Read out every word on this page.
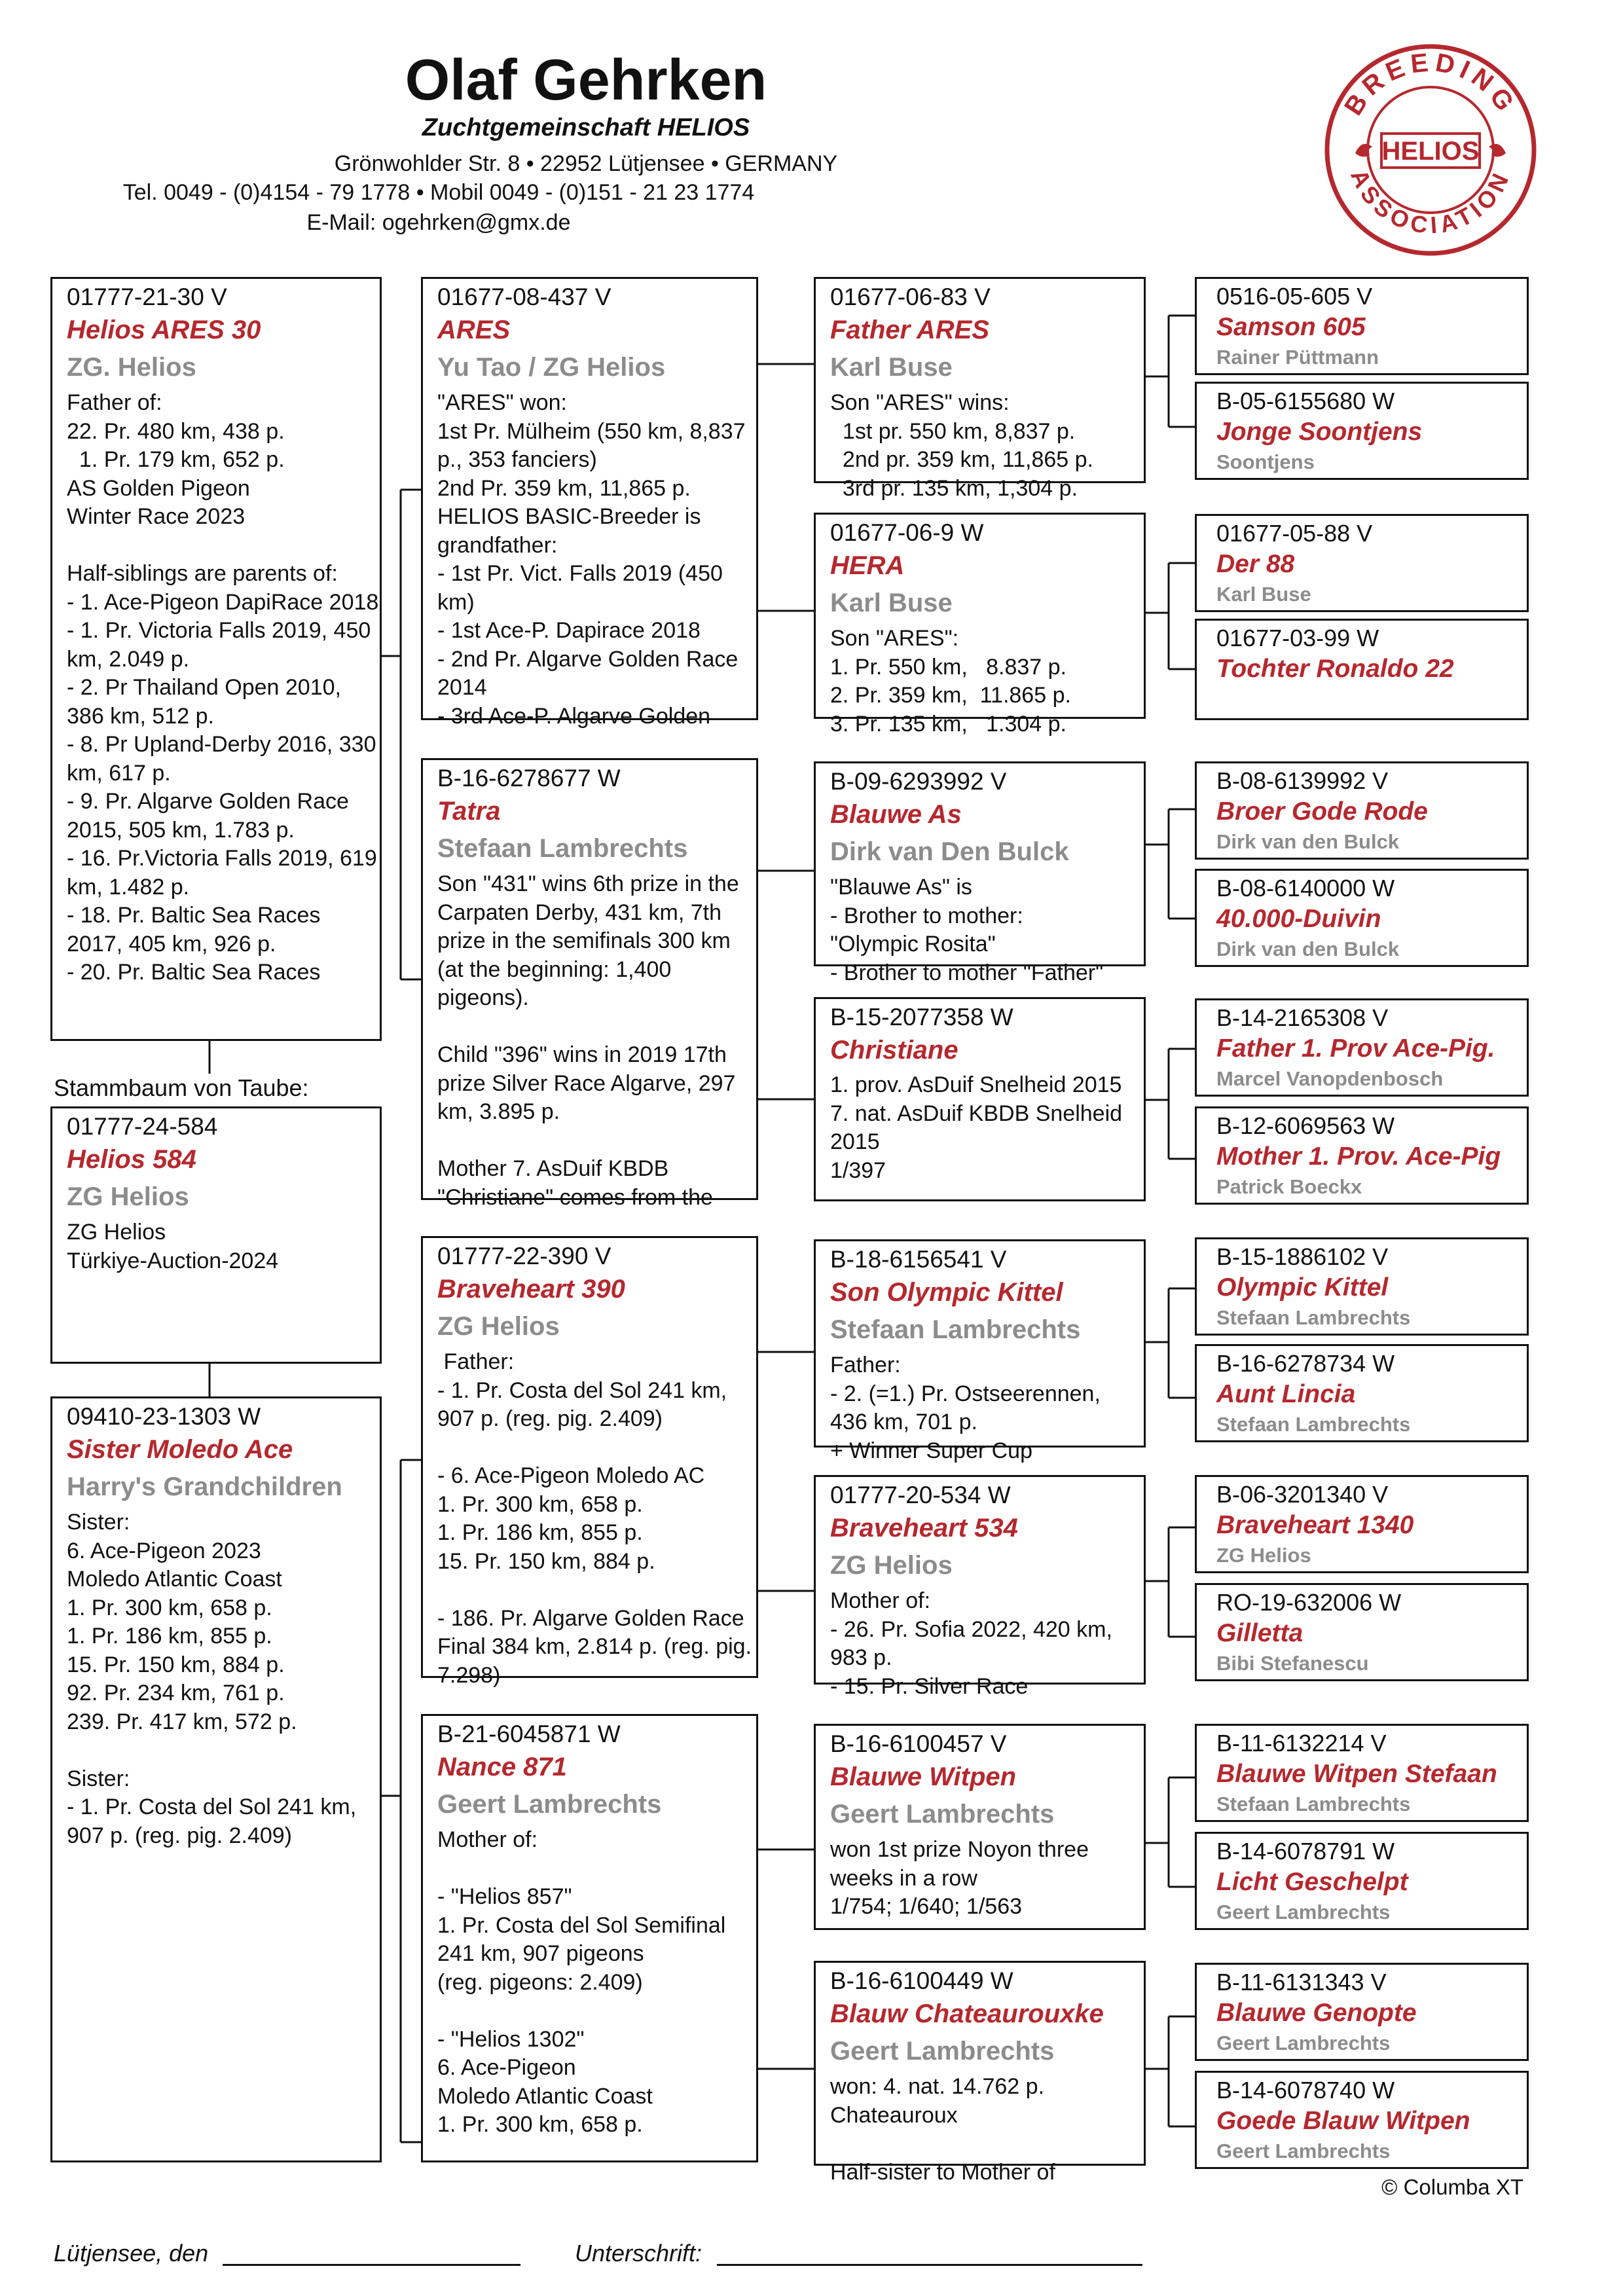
Olaf Gehrken
Zuchtgemeinschaft HELIOS
Grönwohlder Str. 8 • 22952 Lütjensee • GERMANY
Tel. 0049 - (0)4154 - 79 1778 • Mobil 0049 - (0)151 - 21 23 1774
E-Mail: ogehrken@gmx.de
BREEDING
ASSOCIATION
HELIOS
01777-21-30 V
Helios ARES 30
ZG. Helios
Father of:
22. Pr. 480 km, 438 p.
1. Pr. 179 km, 652 p.
AS Golden Pigeon
Winter Race 2023

Half-siblings are parents of:
- 1. Ace-Pigeon DapiRace 2018
- 1. Pr. Victoria Falls 2019, 450 km, 2.049 p.
- 2. Pr Thailand Open 2010, 386 km, 512 p.
- 8. Pr Upland-Derby 2016, 330 km, 617 p.
- 9. Pr. Algarve Golden Race 2015, 505 km, 1.783 p.
- 16. Pr.Victoria Falls 2019, 619 km, 1.482 p.
- 18. Pr. Baltic Sea Races 2017, 405 km, 926 p.
- 20. Pr. Baltic Sea Races
Stammbaum von Taube:
01777-24-584
Helios 584
ZG Helios
ZG Helios
Türkiye-Auction-2024
09410-23-1303 W
Sister Moledo Ace
Harry's Grandchildren
Sister:
6. Ace-Pigeon 2023
Moledo Atlantic Coast
1. Pr. 300 km, 658 p.
1. Pr. 186 km, 855 p.
15. Pr. 150 km, 884 p.
92. Pr. 234 km, 761 p.
239. Pr. 417 km, 572 p.

Sister:
- 1. Pr. Costa del Sol 241 km, 907 p. (reg. pig. 2.409)
01677-08-437 V
ARES
Yu Tao / ZG Helios
"ARES" won:
1st Pr. Mülheim (550 km, 8,837 p., 353 fanciers)
2nd Pr. 359 km, 11,865 p.
HELIOS BASIC-Breeder is grandfather:
- 1st Pr. Vict. Falls 2019 (450 km)
- 1st Ace-P. Dapirace 2018
- 2nd Pr. Algarve Golden Race 2014
- 3rd Ace-P. Algarve Golden
B-16-6278677 W
Tatra
Stefaan Lambrechts
Son "431" wins 6th prize in the Carpaten Derby, 431 km, 7th prize in the semifinals 300 km (at the beginning: 1,400 pigeons).

Child "396" wins in 2019 17th prize Silver Race Algarve, 297 km, 3.895 p.

Mother 7. AsDuif KBDB "Christiane" comes from the
01777-22-390 V
Braveheart 390
ZG Helios
Father:
- 1. Pr. Costa del Sol 241 km, 907 p. (reg. pig. 2.409)

- 6. Ace-Pigeon Moledo AC
1. Pr. 300 km, 658 p.
1. Pr. 186 km, 855 p.
15. Pr. 150 km, 884 p.

- 186. Pr. Algarve Golden Race Final 384 km, 2.814 p. (reg. pig. 7.298)
B-21-6045871 W
Nance 871
Geert Lambrechts
Mother of:

- "Helios 857"
1. Pr. Costa del Sol Semifinal
241 km, 907 pigeons
(reg. pigeons: 2.409)

- "Helios 1302"
6. Ace-Pigeon
Moledo Atlantic Coast
1. Pr. 300 km, 658 p.
01677-06-83 V
Father ARES
Karl Buse
Son "ARES" wins:
1st pr. 550 km, 8,837 p.
2nd pr. 359 km, 11,865 p.
3rd pr. 135 km, 1,304 p.
01677-06-9 W
HERA
Karl Buse
Son "ARES":
1. Pr. 550 km,   8.837 p.
2. Pr. 359 km,  11.865 p.
3. Pr. 135 km,   1.304 p.
B-09-6293992 V
Blauwe As
Dirk van Den Bulck
"Blauwe As" is
- Brother to mother:
"Olympic Rosita"
- Brother to mother "Father"
B-15-2077358 W
Christiane
1. prov. AsDuif Snelheid 2015
7. nat. AsDuif KBDB Snelheid 2015
1/397
B-18-6156541 V
Son Olympic Kittel
Stefaan Lambrechts
Father:
- 2. (=1.) Pr. Ostseerennen, 436 km, 701 p.
+ Winner Super Cup
01777-20-534 W
Braveheart 534
ZG Helios
Mother of:
- 26. Pr. Sofia 2022, 420 km, 983 p.
- 15. Pr. Silver Race
B-16-6100457 V
Blauwe Witpen
Geert Lambrechts
won 1st prize Noyon three weeks in a row
1/754; 1/640; 1/563
B-16-6100449 W
Blauw Chateaurouxke
Geert Lambrechts
won: 4. nat. 14.762 p.
Chateauroux

Half-sister to Mother of
0516-05-605 V
Samson 605
Rainer Püttmann
B-05-6155680 W
Jonge Soontjens
Soontjens
01677-05-88 V
Der 88
Karl Buse
01677-03-99 W
Tochter Ronaldo 22
B-08-6139992 V
Broer Gode Rode
Dirk van den Bulck
B-08-6140000 W
40.000-Duivin
Dirk van den Bulck
B-14-2165308 V
Father 1. Prov Ace-Pig.
Marcel Vanopdenbosch
B-12-6069563 W
Mother 1. Prov. Ace-Pig
Patrick Boeckx
B-15-1886102 V
Olympic Kittel
Stefaan Lambrechts
B-16-6278734 W
Aunt Lincia
Stefaan Lambrechts
B-06-3201340 V
Braveheart 1340
ZG Helios
RO-19-632006 W
Gilletta
Bibi Stefanescu
B-11-6132214 V
Blauwe Witpen Stefaan
Stefaan Lambrechts
B-14-6078791 W
Licht Geschelpt
Geert Lambrechts
B-11-6131343 V
Blauwe Genopte
Geert Lambrechts
B-14-6078740 W
Goede Blauw Witpen
Geert Lambrechts
© Columba XT
Lütjensee, den	Unterschrift:
